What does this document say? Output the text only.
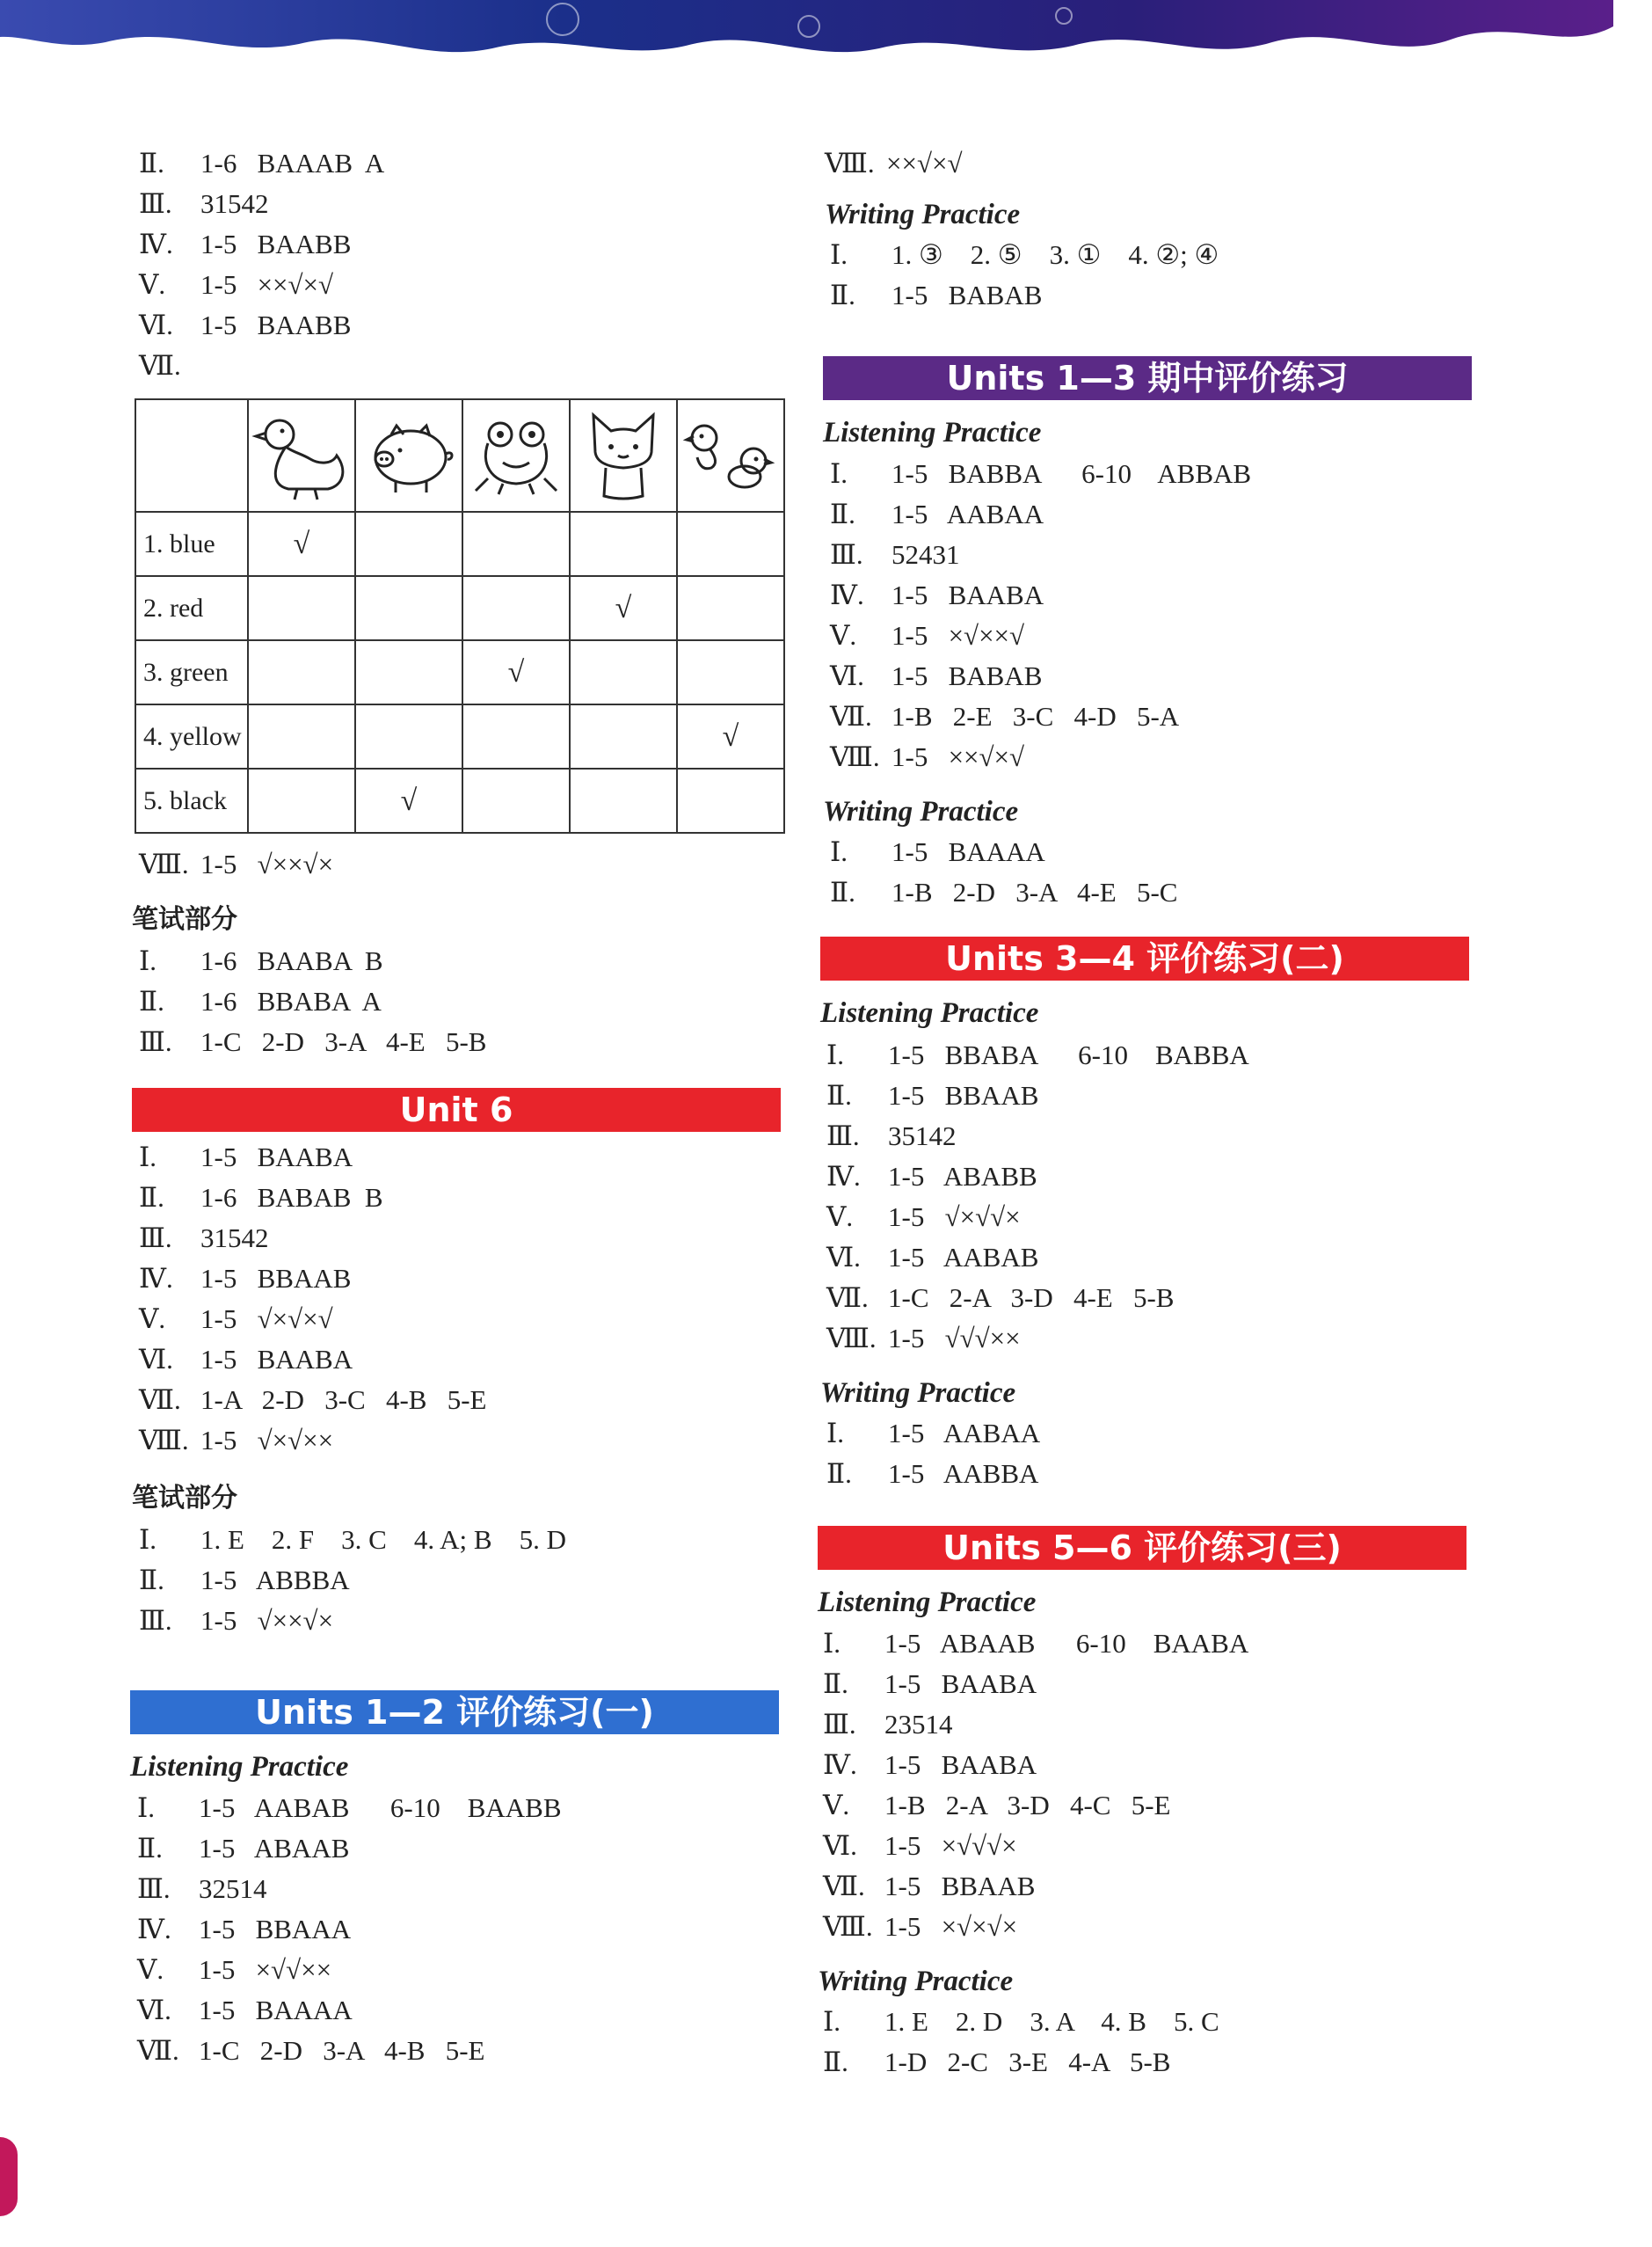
Ⅱ. 1-6   BAAAB  A
Ⅲ. 31542
Ⅳ. 1-5   BAABB
Ⅴ. 1-5   ××√×√
Ⅵ. 1-5   BAABB
Ⅶ.

1. blue	√				
2. red				√	
3. green			√		
4. yellow					√
5. black		√			
Ⅷ. 1-5   √××√×
笔试部分
Ⅰ. 1-6   BAABA  B
Ⅱ. 1-6   BBABA  A
Ⅲ. 1-C   2-D   3-A   4-E   5-B
Unit 6
Ⅰ. 1-5   BAABA
Ⅱ. 1-6   BABAB  B
Ⅲ. 31542
Ⅳ. 1-5   BBAAB
Ⅴ. 1-5   √×√×√
Ⅵ. 1-5   BAABA
Ⅶ. 1-A   2-D   3-C   4-B   5-E
Ⅷ. 1-5   √×√××
笔试部分
Ⅰ. 1. E    2. F    3. C    4. A; B    5. D
Ⅱ. 1-5   ABBBA
Ⅲ. 1-5   √××√×
Units 1—2 评价练习(一)
Listening Practice
Ⅰ. 1-5   AABAB      6-10    BAABB
Ⅱ. 1-5   ABAAB
Ⅲ. 32514
Ⅳ. 1-5   BBAAA
Ⅴ. 1-5   ×√√××
Ⅵ. 1-5   BAAAA
Ⅶ. 1-C   2-D   3-A   4-B   5-E
Ⅷ. ××√×√
Writing Practice
Ⅰ. 1. ③    2. ⑤    3. ①    4. ②; ④
Ⅱ. 1-5   BABAB
Units 1—3 期中评价练习
Listening Practice
Ⅰ. 1-5   BABBA      6-10    ABBAB
Ⅱ. 1-5   AABAA
Ⅲ. 52431
Ⅳ. 1-5   BAABA
Ⅴ. 1-5   ×√××√
Ⅵ. 1-5   BABAB
Ⅶ. 1-B   2-E   3-C   4-D   5-A
Ⅷ. 1-5   ××√×√
Writing Practice
Ⅰ. 1-5   BAAAA
Ⅱ. 1-B   2-D   3-A   4-E   5-C
Units 3—4 评价练习(二)
Listening Practice
Ⅰ. 1-5   BBABA      6-10    BABBA
Ⅱ. 1-5   BBAAB
Ⅲ. 35142
Ⅳ. 1-5   ABABB
Ⅴ. 1-5   √×√√×
Ⅵ. 1-5   AABAB
Ⅶ. 1-C   2-A   3-D   4-E   5-B
Ⅷ. 1-5   √√√××
Writing Practice
Ⅰ. 1-5   AABAA
Ⅱ. 1-5   AABBA
Units 5—6 评价练习(三)
Listening Practice
Ⅰ. 1-5   ABAAB      6-10    BAABA
Ⅱ. 1-5   BAABA
Ⅲ. 23514
Ⅳ. 1-5   BAABA
Ⅴ. 1-B   2-A   3-D   4-C   5-E
Ⅵ. 1-5   ×√√√×
Ⅶ. 1-5   BBAAB
Ⅷ. 1-5   ×√×√×
Writing Practice
Ⅰ. 1. E    2. D    3. A    4. B    5. C
Ⅱ. 1-D   2-C   3-E   4-A   5-B
